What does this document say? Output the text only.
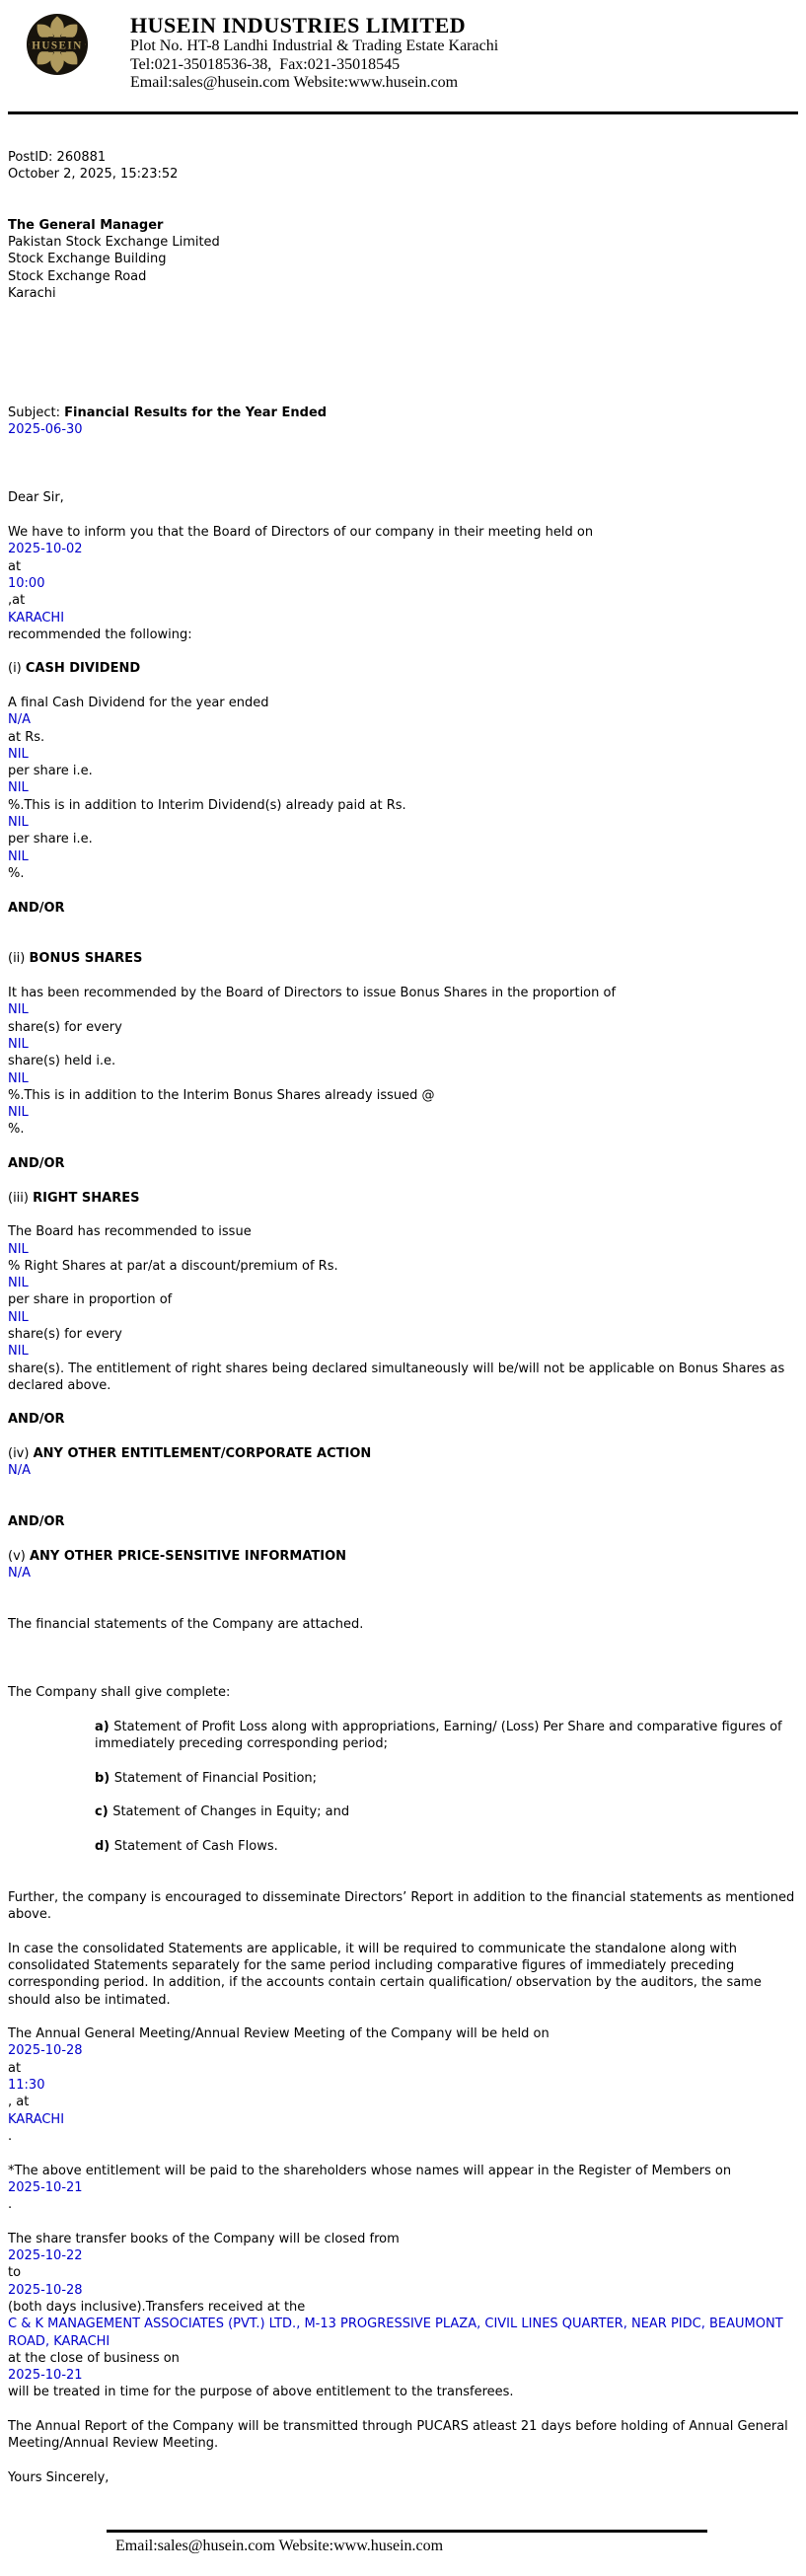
HUSEIN
HUSEIN INDUSTRIES LIMITED
Plot No. HT-8 Landhi Industrial & Trading Estate Karachi
Tel:021-35018536-38,  Fax:021-35018545
Email:sales@husein.com Website:www.husein.com
PostID: 260881
October 2, 2025, 15:23:52

The General Manager
Pakistan Stock Exchange Limited
Stock Exchange Building
Stock Exchange Road
Karachi

Subject: Financial Results for the Year Ended
2025-06-30

Dear Sir,

We have to inform you that the Board of Directors of our company in their meeting held on
2025-10-02
at
10:00
,at
KARACHI
recommended the following:

(i) CASH DIVIDEND

A final Cash Dividend for the year ended
N/A
at Rs.
NIL
per share i.e.
NIL
%.This is in addition to Interim Dividend(s) already paid at Rs.
NIL
per share i.e.
NIL
%.

AND/OR

(ii) BONUS SHARES

It has been recommended by the Board of Directors to issue Bonus Shares in the proportion of
NIL
share(s) for every
NIL
share(s) held i.e.
NIL
%.This is in addition to the Interim Bonus Shares already issued @
NIL
%.

AND/OR

(iii) RIGHT SHARES

The Board has recommended to issue
NIL
% Right Shares at par/at a discount/premium of Rs.
NIL
per share in proportion of
NIL
share(s) for every
NIL
share(s). The entitlement of right shares being declared simultaneously will be/will not be applicable on Bonus Shares as declared above.

AND/OR

(iv) ANY OTHER ENTITLEMENT/CORPORATE ACTION
N/A

AND/OR

(v) ANY OTHER PRICE-SENSITIVE INFORMATION
N/A

The financial statements of the Company are attached.

The Company shall give complete:

a) Statement of Profit Loss along with appropriations, Earning/ (Loss) Per Share and comparative figures of immediately preceding corresponding period;

b) Statement of Financial Position;

c) Statement of Changes in Equity; and

d) Statement of Cash Flows.

Further, the company is encouraged to disseminate Directors’ Report in addition to the financial statements as mentioned above.

In case the consolidated Statements are applicable, it will be required to communicate the standalone along with consolidated Statements separately for the same period including comparative figures of immediately preceding corresponding period. In addition, if the accounts contain certain qualification/ observation by the auditors, the same should also be intimated.

The Annual General Meeting/Annual Review Meeting of the Company will be held on
2025-10-28
at
11:30
, at
KARACHI
.

*The above entitlement will be paid to the shareholders whose names will appear in the Register of Members on
2025-10-21
.

The share transfer books of the Company will be closed from
2025-10-22
to
2025-10-28
(both days inclusive).Transfers received at the
C & K MANAGEMENT ASSOCIATES (PVT.) LTD., M-13 PROGRESSIVE PLAZA, CIVIL LINES QUARTER, NEAR PIDC, BEAUMONT ROAD, KARACHI
at the close of business on
2025-10-21
will be treated in time for the purpose of above entitlement to the transferees.

The Annual Report of the Company will be transmitted through PUCARS atleast 21 days before holding of Annual General Meeting/Annual Review Meeting.

Yours Sincerely,
Email:sales@husein.com Website:www.husein.com
